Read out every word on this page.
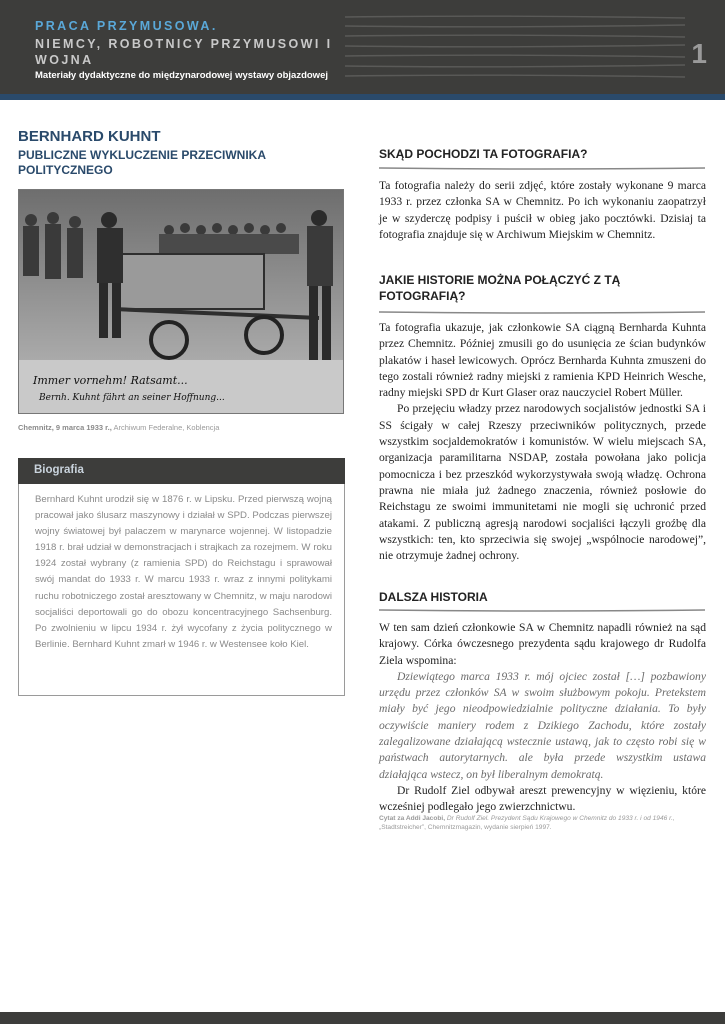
PRACA PRZYMUSOWA.
NIEMCY, ROBOTNICY PRZYMUSOWI I WOJNA
Materiały dydaktyczne do międzynarodowej wystawy objazdowej
1
BERNHARD KUHNT
PUBLICZNE WYKLUCZENIE PRZECIWNIKA POLITYCZNEGO
Immer vornehm! Ratsamt...
Bernh. Kuhnt fährt an seiner Hoffnung...
Chemnitz, 9 marca 1933 r., Archiwum Federalne, Koblencja
Biografia
Bernhard Kuhnt urodził się w 1876 r. w Lipsku. Przed pierwszą wojną pracował jako ślusarz maszynowy i działał w SPD. Podczas pierwszej wojny światowej był palaczem w marynarce wojennej. W listopadzie 1918 r. brał udział w demonstracjach i strajkach za rozejmem. W roku 1924 został wybrany (z ramienia SPD) do Reichstagu i sprawował swój mandat do 1933 r. W marcu 1933 r. wraz z innymi politykami ruchu robotniczego został aresztowany w Chemnitz, w maju narodowi socjaliści deportowali go do obozu koncentracyjnego Sachsenburg. Po zwolnieniu w lipcu 1934 r. żył wycofany z życia politycznego w Berlinie. Bernhard Kuhnt zmarł w 1946 r. w Westensee koło Kiel.
SKĄD POCHODZI TA FOTOGRAFIA?

Ta fotografia należy do serii zdjęć, które zostały wykonane 9 marca 1933 r. przez członka SA w Chemnitz. Po ich wykonaniu zaopatrzył je w szyderczę podpisy i puścił w obieg jako pocztówki. Dzisiaj ta fotografia znajduje się w Archiwum Miejskim w Chemnitz.

JAKIE HISTORIE MOŻNA POŁĄCZYĆ Z TĄ FOTOGRAFIĄ?

Ta fotografia ukazuje, jak członkowie SA ciągną Bernharda Kuhnta przez Chemnitz. Później zmusili go do usunięcia ze ścian budynków plakatów i haseł lewicowych. Oprócz Bernharda Kuhnta zmuszeni do tego zostali również radny miejski z ramienia KPD Heinrich Wesche, radny miejski SPD dr Kurt Glaser oraz nauczyciel Robert Müller.

Po przejęciu władzy przez narodowych socjalistów jednostki SA i SS ścigały w całej Rzeszy przeciwników politycznych, przede wszystkim socjaldemokratów i komunistów. W wielu miejscach SA, organizacja paramilitarna NSDAP, została powołana jako policja pomocnicza i bez przeszkód wykorzystywała swoją władzę. Ochrona prawna nie miała już żadnego znaczenia, również posłowie do Reichstagu ze swoimi immunitetami nie mogli się uchronić przed atakami. Z publiczną agresją narodowi socjaliści łączyli groźbę dla wszystkich: ten, kto sprzeciwia się swojej „wspólnocie narodowej”, nie otrzymuje żadnej ochrony.

DALSZA HISTORIA

W ten sam dzień członkowie SA w Chemnitz napadli również na sąd krajowy. Córka ówczesnego prezydenta sądu krajowego dr Rudolfa Ziela wspomina:

Dziewiątego marca 1933 r. mój ojciec został […] pozbawiony urzędu przez członków SA w swoim służbowym pokoju. Pretekstem miały być jego nieodpowiedzialnie polityczne działania. To były oczywiście maniery rodem z Dzikiego Zachodu, które zostały zalegalizowane działającą wstecznie ustawą, jak to często robi się w państwach autorytarnych. ale była przede wszystkim ustawa działająca wstecz, on był liberalnym demokratą.

Dr Rudolf Ziel odbywał areszt prewencyjny w więzieniu, które wcześniej podlegało jego zwierzchnictwu.

Cytat za Addi Jacobi, Dr Rudolf Ziel. Prezydent Sądu Krajowego w Chemnitz do 1933 r. i od 1946 r., „Stadtstreicher”, Chemnitzmagazin, wydanie sierpień 1997.
